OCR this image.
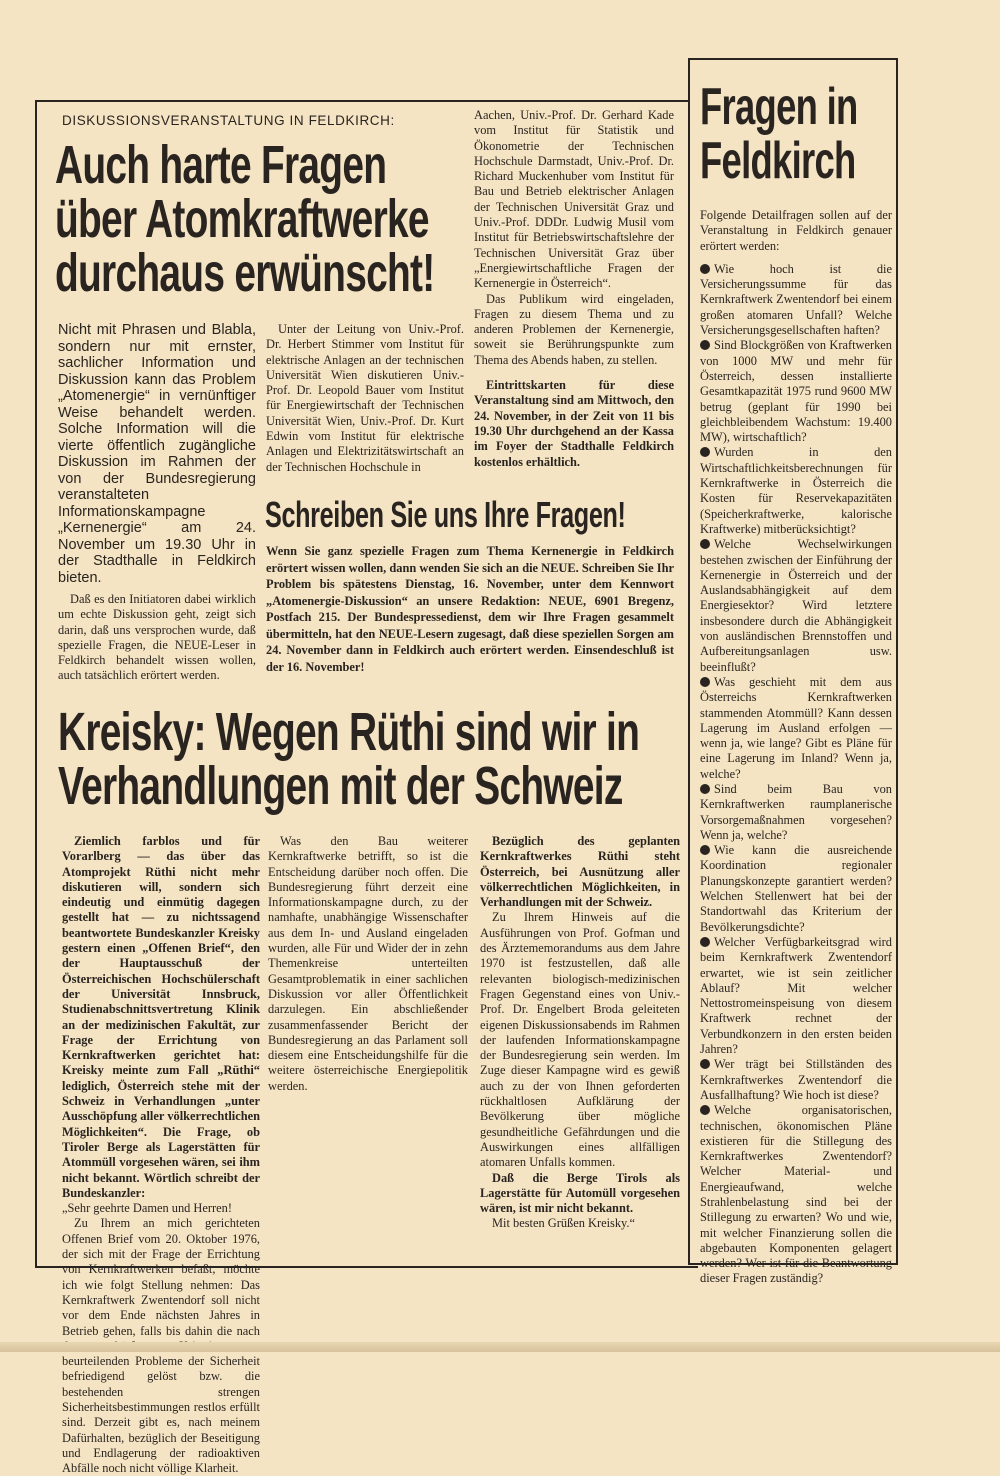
DISKUSSIONSVERANSTALTUNG IN FELDKIRCH:
Auch harte Fragen
über Atomkraftwerke
durchaus erwünscht!
Nicht mit Phrasen und Blabla, sondern nur mit ernster, sachlicher Information und Diskussion kann das Problem „Atomenergie“ in vernünftiger Weise behandelt werden. Solche Information will die vierte öffentlich zugängliche Diskussion im Rahmen der von der Bundesregierung veranstalteten Informationskampagne „Kernenergie“ am 24. November um 19.30 Uhr in der Stadthalle in Feldkirch bieten.

Daß es den Initiatoren dabei wirklich um echte Diskussion geht, zeigt sich darin, daß uns versprochen wurde, daß spezielle Fragen, die NEUE-Leser in Feldkirch behandelt wissen wollen, auch tatsächlich erörtert werden.

Unter der Leitung von Univ.-Prof. Dr. Herbert Stimmer vom Institut für elektrische Anlagen an der technischen Universität Wien diskutieren Univ.-Prof. Dr. Leopold Bauer vom Institut für Energiewirtschaft der Technischen Universität Wien, Univ.-Prof. Dr. Kurt Edwin vom Institut für elektrische Anlagen und Elektrizitätswirtschaft an der Technischen Hochschule in

Aachen, Univ.-Prof. Dr. Gerhard Kade vom Institut für Statistik und Ökonometrie der Technischen Hochschule Darmstadt, Univ.-Prof. Dr. Richard Muckenhuber vom Institut für Bau und Betrieb elektrischer Anlagen der Technischen Universität Graz und Univ.-Prof. DDDr. Ludwig Musil vom Institut für Betriebswirtschaftslehre der Technischen Universität Graz über „Energiewirtschaftliche Fragen der Kernenergie in Österreich“.

Das Publikum wird eingeladen, Fragen zu diesem Thema und zu anderen Problemen der Kernenergie, soweit sie Berührungspunkte zum Thema des Abends haben, zu stellen.

Eintrittskarten für diese Veranstaltung sind am Mittwoch, den 24. November, in der Zeit von 11 bis 19.30 Uhr durchgehend an der Kassa im Foyer der Stadthalle Feldkirch kostenlos erhältlich.

Schreiben Sie uns Ihre Fragen!

Wenn Sie ganz spezielle Fragen zum Thema Kernenergie in Feldkirch erörtert wissen wollen, dann wenden Sie sich an die NEUE. Schreiben Sie Ihr Problem bis spätestens Dienstag, 16. November, unter dem Kennwort „Atomenergie-Diskussion“ an unsere Redaktion: NEUE, 6901 Bregenz, Postfach 215. Der Bundespressedienst, dem wir Ihre Fragen gesammelt übermitteln, hat den NEUE-Lesern zugesagt, daß diese speziellen Sorgen am 24. November dann in Feldkirch auch erörtert werden. Einsendeschluß ist der 16. November!

Kreisky: Wegen Rüthi sind wir in
Verhandlungen mit der Schweiz

Ziemlich farblos und für Vorarlberg — das über das Atomprojekt Rüthi nicht mehr diskutieren will, sondern sich eindeutig und einmütig dagegen gestellt hat — zu nichtssagend beantwortete Bundeskanzler Kreisky gestern einen „Offenen Brief“, den der Hauptausschuß der Österreichischen Hochschülerschaft der Universität Innsbruck, Studienabschnittsvertretung Klinik an der medizinischen Fakultät, zur Frage der Errichtung von Kernkraftwerken gerichtet hat: Kreisky meinte zum Fall „Rüthi“ lediglich, Österreich stehe mit der Schweiz in Verhandlungen „unter Ausschöpfung aller völkerrechtlichen Möglichkeiten“. Die Frage, ob Tiroler Berge als Lagerstätten für Atommüll vorgesehen wären, sei ihm nicht bekannt. Wörtlich schreibt der Bundeskanzler:

„Sehr geehrte Damen und Herren!

Zu Ihrem an mich gerichteten Offenen Brief vom 20. Oktober 1976, der sich mit der Frage der Errichtung von Kernkraftwerken befaßt, möchte ich wie folgt Stellung nehmen: Das Kernkraftwerk Zwentendorf soll nicht vor dem Ende nächsten Jahres in Betrieb gehen, falls bis dahin die nach beurteilenden Probleme der Sicherheit befriedigend gelöst bzw. die bestehenden strengen Sicherheitsbestimmungen restlos erfüllt sind. Derzeit gibt es, nach meinem Dafürhalten, bezüglich der Beseitigung und Endlagerung der radioaktiven Abfälle noch nicht völlige Klarheit.

Was den Bau weiterer Kernkraftwerke betrifft, so ist die Entscheidung darüber noch offen. Die Bundesregierung führt derzeit eine Informationskampagne durch, zu der namhafte, unabhängige Wissenschafter aus dem In- und Ausland eingeladen wurden, alle Für und Wider der in zehn Themenkreise unterteilten Gesamtproblematik in einer sachlichen Diskussion vor aller Öffentlichkeit darzulegen. Ein abschließender zusammenfassender Bericht der Bundesregierung an das Parlament soll diesem eine Entscheidungshilfe für die weitere österreichische Energiepolitik werden.

Bezüglich des geplanten Kernkraftwerkes Rüthi steht Österreich, bei Ausnützung aller völkerrechtlichen Möglichkeiten, in Verhandlungen mit der Schweiz.

Zu Ihrem Hinweis auf die Ausführungen von Prof. Gofman und des Ärztememorandums aus dem Jahre 1970 ist festzustellen, daß alle relevanten biologisch-medizinischen Fragen Gegenstand eines von Univ.-Prof. Dr. Engelbert Broda geleiteten eigenen Diskussionsabends im Rahmen der laufenden Informationskampagne der Bundesregierung sein werden. Im Zuge dieser Kampagne wird es gewiß auch zu der von Ihnen geforderten rückhaltlosen Aufklärung der Bevölkerung über mögliche gesundheitliche Gefährdungen und die Auswirkungen eines allfälligen atomaren Unfalls kommen.

Daß die Berge Tirols als Lagerstätte für Automüll vorgesehen wären, ist mir nicht bekannt.

Mit besten Grüßen Kreisky.“

Fragen in
Feldkirch

Folgende Detailfragen sollen auf der Veranstaltung in Feldkirch genauer erörtert werden:

Wie hoch ist die Versicherungssumme für das Kernkraftwerk Zwentendorf bei einem großen atomaren Unfall? Welche Versicherungsgesellschaften haften?
Sind Blockgrößen von Kraftwerken von 1000 MW und mehr für Österreich, dessen installierte Gesamtkapazität 1975 rund 9600 MW betrug (geplant für 1990 bei gleichbleibendem Wachstum: 19.400 MW), wirtschaftlich?
Wurden in den Wirtschaftlichkeitsberechnungen für Kernkraftwerke in Österreich die Kosten für Reservekapazitäten (Speicherkraftwerke, kalorische Kraftwerke) mitberücksichtigt?
Welche Wechselwirkungen bestehen zwischen der Einführung der Kernenergie in Österreich und der Auslandsabhängigkeit auf dem Energiesektor? Wird letztere insbesondere durch die Abhängigkeit von ausländischen Brennstoffen und Aufbereitungsanlagen usw. beeinflußt?
Was geschieht mit dem aus Österreichs Kernkraftwerken stammenden Atommüll? Kann dessen Lagerung im Ausland erfolgen — wenn ja, wie lange? Gibt es Pläne für eine Lagerung im Inland? Wenn ja, welche?
Sind beim Bau von Kernkraftwerken raumplanerische Vorsorgemaßnahmen vorgesehen? Wenn ja, welche?
Wie kann die ausreichende Koordination regionaler Planungskonzepte garantiert werden? Welchen Stellenwert hat bei der Standortwahl das Kriterium der Bevölkerungsdichte?
Welcher Verfügbarkeitsgrad wird beim Kernkraftwerk Zwentendorf erwartet, wie ist sein zeitlicher Ablauf? Mit welcher Nettostromeinspeisung von diesem Kraftwerk rechnet der Verbundkonzern in den ersten beiden Jahren?
Wer trägt bei Stillständen des Kernkraftwerkes Zwentendorf die Ausfallhaftung? Wie hoch ist diese?
Welche organisatorischen, technischen, ökonomischen Pläne existieren für die Stillegung des Kernkraftwerkes Zwentendorf? Welcher Material- und Energieaufwand, welche Strahlenbelastung sind bei der Stillegung zu erwarten? Wo und wie, mit welcher Finanzierung sollen die abgebauten Komponenten gelagert werden? Wer ist für die Beantwortung dieser Fragen zuständig?
